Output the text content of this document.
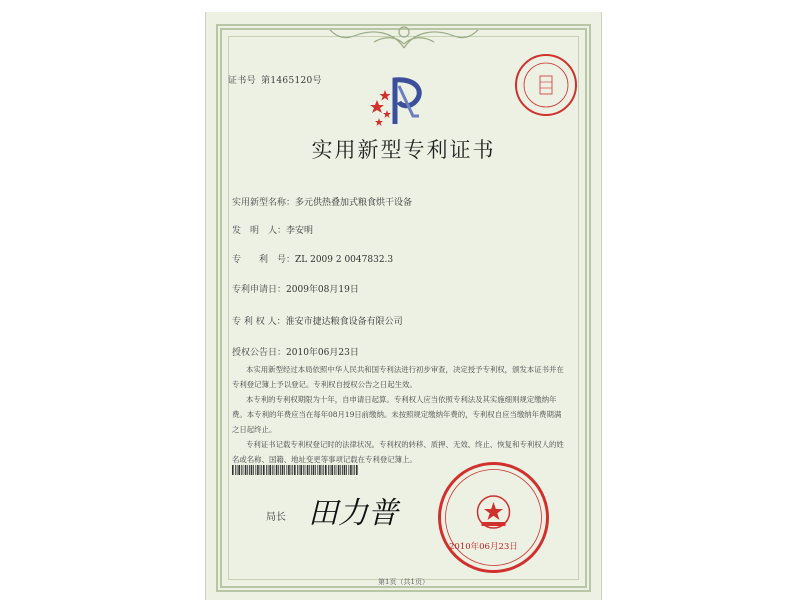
证书号 第1465120号
实用新型专利证书
实用新型名称：多元供热叠加式粮食烘干设备
发　明　人：李安明
专　　利　号：ZL 2009 2 0047832.3
专利申请日：2009年08月19日
专 利 权 人：淮安市捷达粮食设备有限公司
授权公告日：2010年06月23日

本实用新型经过本局依照中华人民共和国专利法进行初步审查，决定授予专利权，颁发本证书并在专利登记簿上予以登记。专利权自授权公告之日起生效。

本专利的专利权期限为十年，自申请日起算。专利权人应当依照专利法及其实施细则规定缴纳年费。本专利的年费应当在每年08月19日前缴纳。未按照规定缴纳年费的，专利权自应当缴纳年费期满之日起终止。

专利证书记载专利权登记时的法律状况。专利权的转移、质押、无效、终止、恢复和专利权人的姓名或名称、国籍、地址变更等事项记载在专利登记簿上。

局长 田力普
2010年06月23日
第1页（共1页）
